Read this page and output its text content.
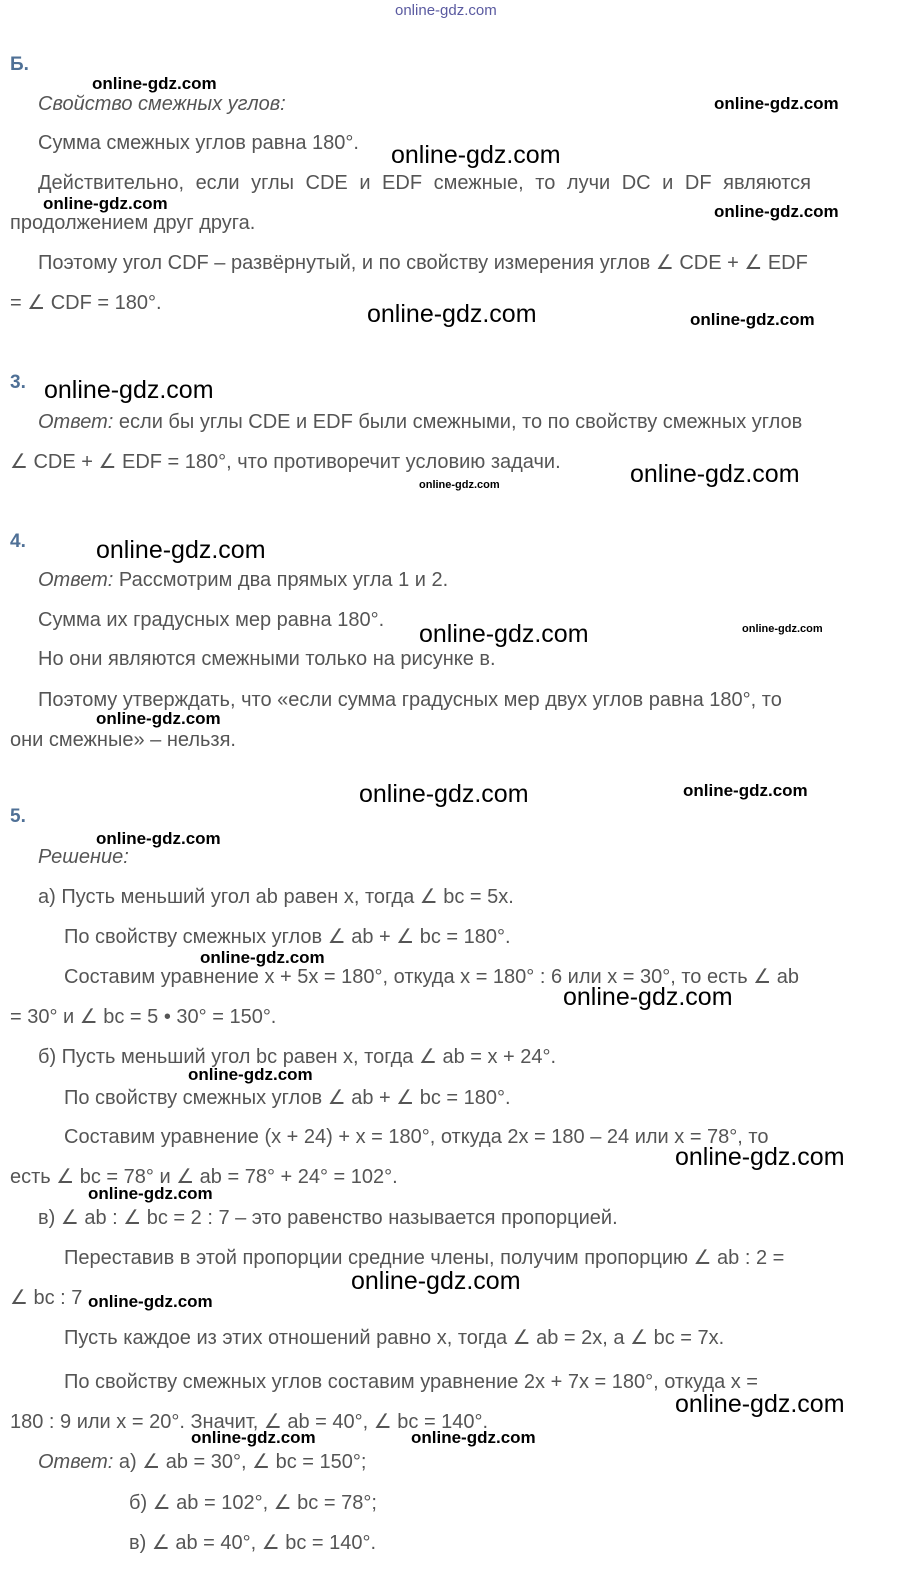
Б.
Свойство смежных углов:
Сумма смежных углов равна 180°.
Действительно, если углы CDE и EDF смежные, то лучи DC и DF являются
продолжением друг друга.
Поэтому угол CDF – развёрнутый, и по свойству измерения углов ∠ CDE + ∠ EDF
= ∠ CDF = 180°.
3.
Ответ: если бы углы CDE и EDF были смежными, то по свойству смежных углов
∠ CDE + ∠ EDF = 180°, что противоречит условию задачи.
4.
Ответ: Рассмотрим два прямых угла 1 и 2.
Сумма их градусных мер равна 180°.
Но они являются смежными только на рисунке в.
Поэтому утверждать, что «если сумма градусных мер двух углов равна 180°, то
они смежные» – нельзя.
5.
Решение:
а) Пусть меньший угол ab равен x, тогда ∠ bc = 5x.
По свойству смежных углов ∠ ab + ∠ bc = 180°.
Составим уравнение x + 5x = 180°, откуда x = 180° : 6 или x = 30°, то есть ∠ ab
= 30° и ∠ bc = 5 • 30° = 150°.
б) Пусть меньший угол bc равен x, тогда ∠ ab = x + 24°.
По свойству смежных углов ∠ ab + ∠ bc = 180°.
Составим уравнение (x + 24) + x = 180°, откуда 2x = 180 – 24 или x = 78°, то
есть ∠ bc = 78° и ∠ ab = 78° + 24° = 102°.
в) ∠ ab : ∠ bc = 2 : 7 – это равенство называется пропорцией.
Переставив в этой пропорции средние члены, получим пропорцию ∠ ab : 2 =
∠ bc : 7
Пусть каждое из этих отношений равно x, тогда ∠ ab = 2x, а ∠ bc = 7x.
По свойству смежных углов составим уравнение 2x + 7x = 180°, откуда x =
180 : 9 или x = 20°. Значит, ∠ ab = 40°, ∠ bc = 140°.
Ответ: а) ∠ ab = 30°, ∠ bc = 150°;
б) ∠ ab = 102°, ∠ bc = 78°;
в) ∠ ab = 40°, ∠ bc = 140°.
online-gdz.com
online-gdz.com
online-gdz.com
online-gdz.com
online-gdz.com	online-gdz.com
online-gdz.com	online-gdz.com
online-gdz.com
online-gdz.com
online-gdz.com
online-gdz.com
online-gdz.com	online-gdz.com
online-gdz.com
online-gdz.com	online-gdz.com
online-gdz.com
online-gdz.com
online-gdz.com
online-gdz.com
online-gdz.com
online-gdz.com
online-gdz.com
online-gdz.com
online-gdz.com
online-gdz.com	online-gdz.com
